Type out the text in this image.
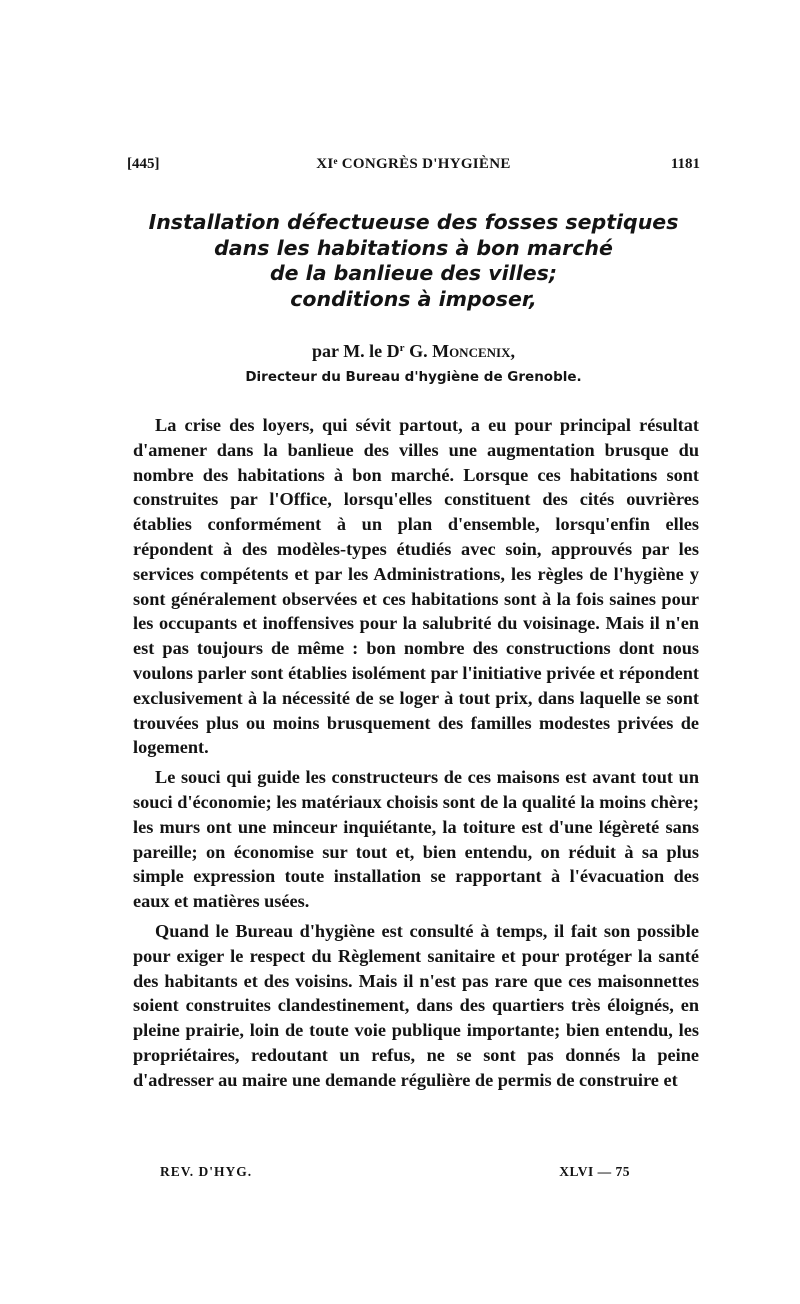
[445]	XIᵉ CONGRÈS D'HYGIÈNE	1181
Installation défectueuse des fosses septiques
dans les habitations à bon marché
de la banlieue des villes;
conditions à imposer,
par M. le $D^r$ G. Moncenix,
Directeur du Bureau d'hygiène de Grenoble.

La crise des loyers, qui sévit partout, a eu pour principal résultat d'amener dans la banlieue des villes une augmentation brusque du nombre des habitations à bon marché. Lorsque ces habitations sont construites par l'Office, lorsqu'elles constituent des cités ouvrières établies conformément à un plan d'ensemble, lorsqu'enfin elles répondent à des modèles-types étudiés avec soin, approuvés par les services compétents et par les Administrations, les règles de l'hygiène y sont généralement observées et ces habitations sont à la fois saines pour les occupants et inoffensives pour la salubrité du voisinage. Mais il n'en est pas toujours de même : bon nombre des constructions dont nous voulons parler sont établies isolément par l'initiative privée et répondent exclusivement à la nécessité de se loger à tout prix, dans laquelle se sont trouvées plus ou moins brusquement des familles modestes privées de logement.

Le souci qui guide les constructeurs de ces maisons est avant tout un souci d'économie; les matériaux choisis sont de la qualité la moins chère; les murs ont une minceur inquiétante, la toiture est d'une légèreté sans pareille; on économise sur tout et, bien entendu, on réduit à sa plus simple expression toute installation se rapportant à l'évacuation des eaux et matières usées.

Quand le Bureau d'hygiène est consulté à temps, il fait son possible pour exiger le respect du Règlement sanitaire et pour protéger la santé des habitants et des voisins. Mais il n'est pas rare que ces maisonnettes soient construites clandestinement, dans des quartiers très éloignés, en pleine prairie, loin de toute voie publique importante; bien entendu, les propriétaires, redoutant un refus, ne se sont pas donnés la peine d'adresser au maire une demande régulière de permis de construire et

REV. D'HYG.	XLVI — 75
